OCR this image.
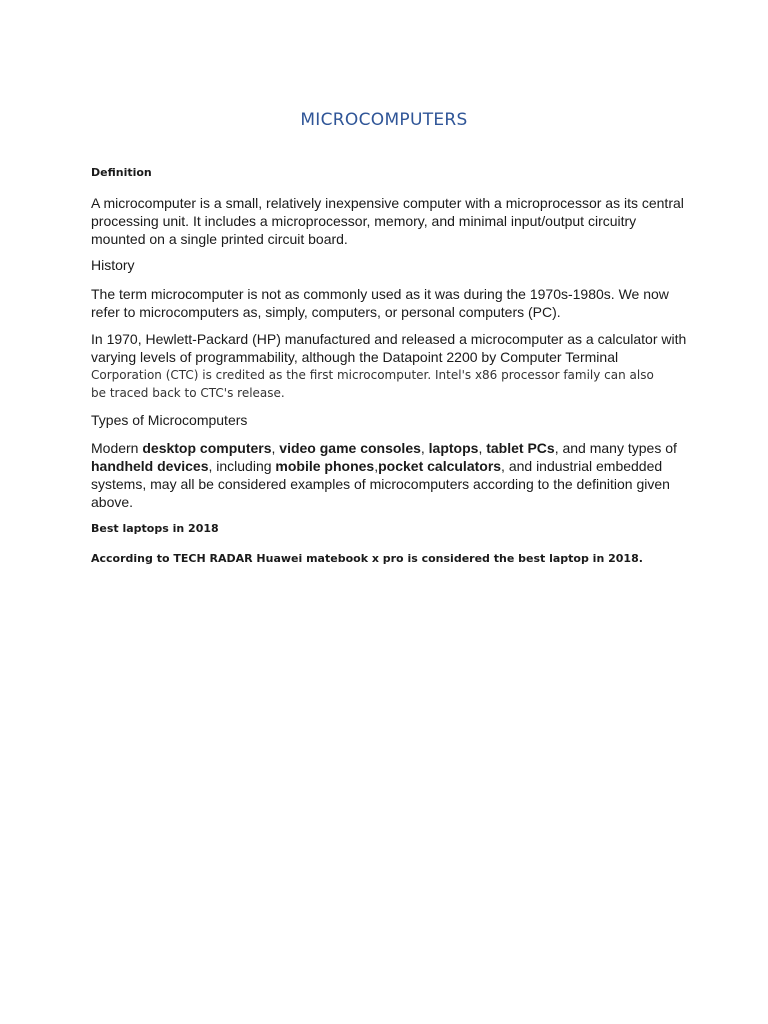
MICROCOMPUTERS
Definition
A microcomputer is a small, relatively inexpensive computer with a microprocessor as its central
processing unit. It includes a microprocessor, memory, and minimal input/output circuitry
mounted on a single printed circuit board.
History
The term microcomputer is not as commonly used as it was during the 1970s-1980s. We now
refer to microcomputers as, simply, computers, or personal computers (PC).
In 1970, Hewlett-Packard (HP) manufactured and released a microcomputer as a calculator with
varying levels of programmability, although the Datapoint 2200 by Computer Terminal
Corporation (CTC) is credited as the first microcomputer. Intel's x86 processor family can also
be traced back to CTC's release.
Types of Microcomputers
Modern desktop computers, video game consoles, laptops, tablet PCs, and many types of
handheld devices, including mobile phones,pocket calculators, and industrial embedded
systems, may all be considered examples of microcomputers according to the definition given
above.
Best laptops in 2018
According to TECH RADAR Huawei matebook x pro is considered the best laptop in 2018.
